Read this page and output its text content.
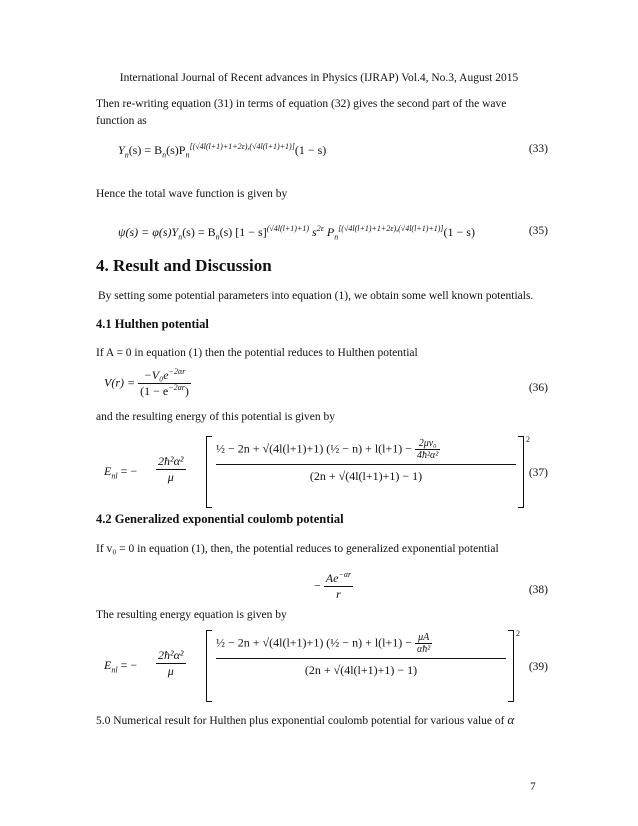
International Journal of Recent advances in Physics (IJRAP) Vol.4, No.3, August 2015
Then re-writing equation (31) in terms of equation (32) gives the second part of the wave function as
$Y_n(s) = B_n(s)P_n[(√4l(l+1)+1+2\varepsilon),(√4l(l+1)+1)](1 - s)$	(33)
Hence the total wave function is given by
$\psi(s) = \varphi(s)Y_n(s) = B_n(s) [1 - s]^{(√4l(l+1)+1)}$ $s^{2\varepsilon}$ $P_n[(√4l(l+1)+1+2\varepsilon),(√4l(l+1)+1)](1 - s)$	(35)
4. Result and Discussion
By setting some potential parameters into equation (1), we obtain some well known potentials.
4.1 Hulthen potential
If A = 0 in equation (1) then the potential reduces to Hulthen potential
$V(r) = \frac{-V_0e^{-2\alpha r}}{(1 - e^{-2\alpha r})}$	(36)
and the resulting energy of this potential is given by
$E_{nl}$ = − $\frac{\text{2ħ²α²}}{\mu}$
½ − 2n + √(4l(l+1)+1) (½ − $n) + l(l+1) - \frac{\text{2μv₀}}{\text{4ħ²α²}}$
(2n + √(4l(l+1)+1) − 1)
2
(37)
4.2 Generalized exponential coulomb potential
If v₀ = 0 in equation (1), then, the potential reduces to generalized exponential potential
− $\frac{Ae^{-\alpha r}}{r}$	(38)
The resulting energy equation is given by
$E_{nl}$ = − $\frac{\text{2ħ²α²}}{\mu}$
½ − 2n + √(4l(l+1)+1) (½ − $n) + l(l+1) - \frac{\mu A}{\text{αħ²}}$
(2n + √(4l(l+1)+1) − 1)
2
(39)
5.0 Numerical result for Hulthen plus exponential coulomb potential for various value of α
7
